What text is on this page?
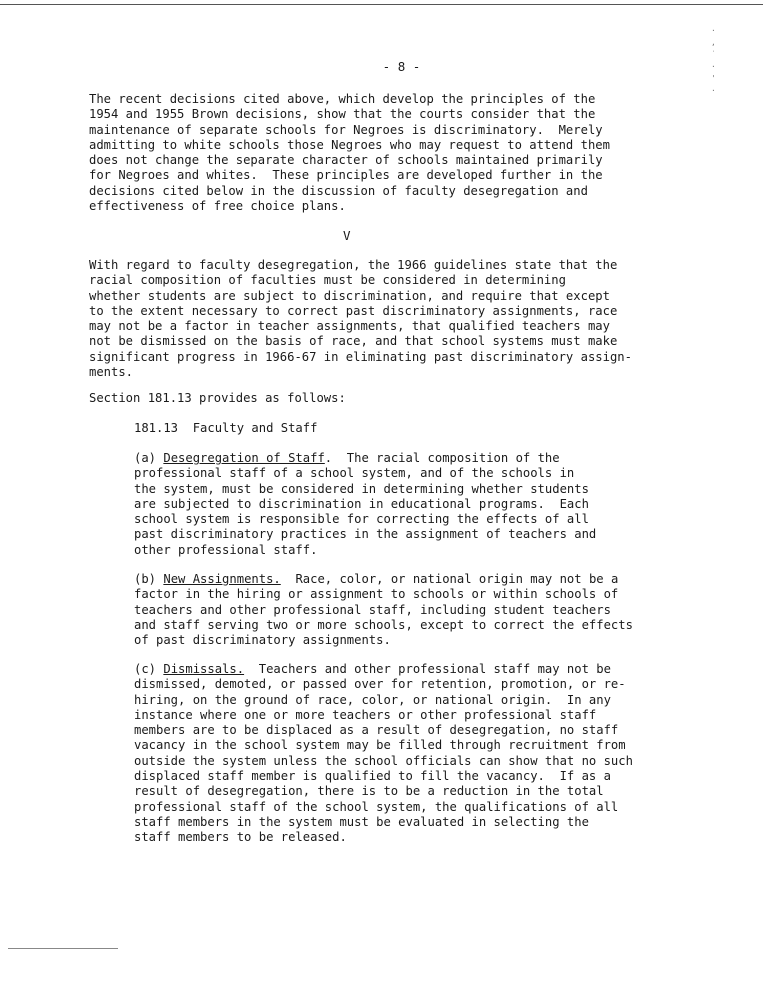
·
‚
˙
·
'
·
- 8 -
The recent decisions cited above, which develop the principles of the
1954 and 1955 Brown decisions, show that the courts consider that the
maintenance of separate schools for Negroes is discriminatory.  Merely
admitting to white schools those Negroes who may request to attend them
does not change the separate character of schools maintained primarily
for Negroes and whites.  These principles are developed further in the
decisions cited below in the discussion of faculty desegregation and
effectiveness of free choice plans.
V
With regard to faculty desegregation, the 1966 guidelines state that the
racial composition of faculties must be considered in determining
whether students are subject to discrimination, and require that except
to the extent necessary to correct past discriminatory assignments, race
may not be a factor in teacher assignments, that qualified teachers may
not be dismissed on the basis of race, and that school systems must make
significant progress in 1966-67 in eliminating past discriminatory assign-
ments.
Section 181.13 provides as follows:
181.13  Faculty and Staff
(a) Desegregation of Staff.  The racial composition of the
professional staff of a school system, and of the schools in
the system, must be considered in determining whether students
are subjected to discrimination in educational programs.  Each
school system is responsible for correcting the effects of all
past discriminatory practices in the assignment of teachers and
other professional staff.
(b) New Assignments.  Race, color, or national origin may not be a
factor in the hiring or assignment to schools or within schools of
teachers and other professional staff, including student teachers
and staff serving two or more schools, except to correct the effects
of past discriminatory assignments.
(c) Dismissals.  Teachers and other professional staff may not be
dismissed, demoted, or passed over for retention, promotion, or re-
hiring, on the ground of race, color, or national origin.  In any
instance where one or more teachers or other professional staff
members are to be displaced as a result of desegregation, no staff
vacancy in the school system may be filled through recruitment from
outside the system unless the school officials can show that no such
displaced staff member is qualified to fill the vacancy.  If as a
result of desegregation, there is to be a reduction in the total
professional staff of the school system, the qualifications of all
staff members in the system must be evaluated in selecting the
staff members to be released.
